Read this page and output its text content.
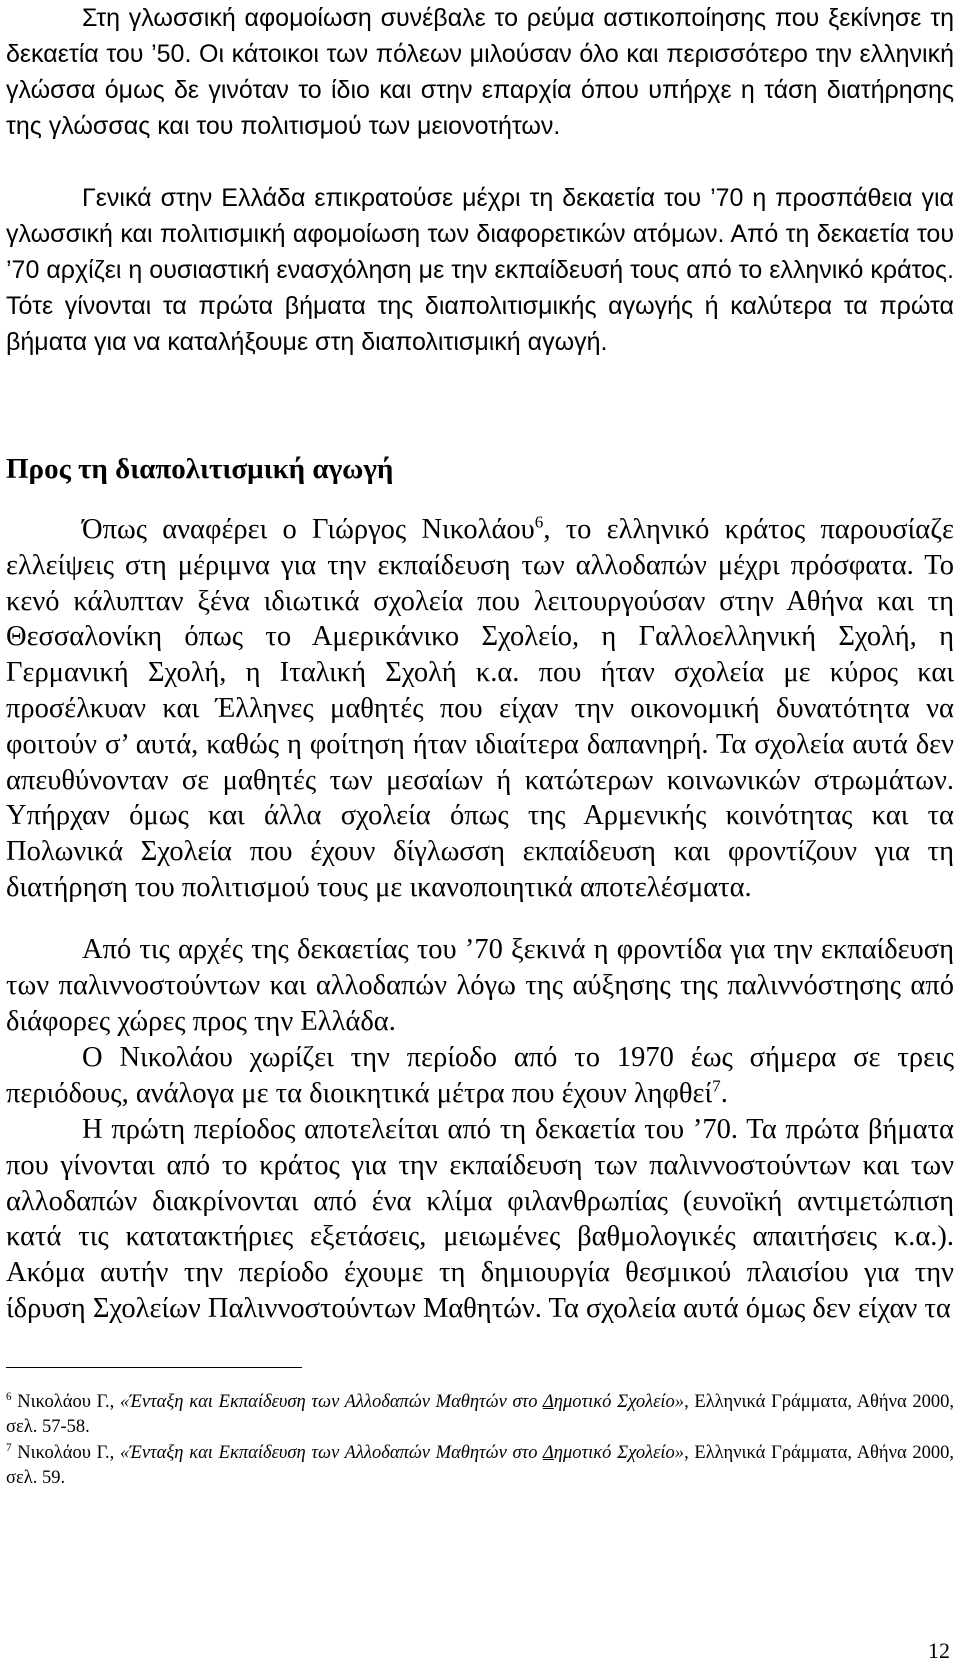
Στη γλωσσική αφομοίωση συνέβαλε το ρεύμα αστικοποίησης που ξεκίνησε τη δεκαετία του ’50. Οι κάτοικοι των πόλεων μιλούσαν όλο και περισσότερο την ελληνική γλώσσα όμως δε γινόταν το ίδιο και στην επαρχία όπου υπήρχε η τάση διατήρησης της γλώσσας και του πολιτισμού των μειονοτήτων.

Γενικά στην Ελλάδα επικρατούσε μέχρι τη δεκαετία του ’70 η προσπάθεια για γλωσσική και πολιτισμική αφομοίωση των διαφορετικών ατόμων. Από τη δεκαετία του ’70 αρχίζει η ουσιαστική ενασχόληση με την εκπαίδευσή τους από το ελληνικό κράτος. Τότε γίνονται τα πρώτα βήματα της διαπολιτισμικής αγωγής ή καλύτερα τα πρώτα βήματα για να καταλήξουμε στη διαπολιτισμική αγωγή.

Προς τη διαπολιτισμική αγωγή

Όπως αναφέρει ο Γιώργος Νικολάου$^6$, το ελληνικό κράτος παρουσίαζε ελλείψεις στη μέριμνα για την εκπαίδευση των αλλοδαπών μέχρι πρόσφατα. Το κενό κάλυπταν ξένα ιδιωτικά σχολεία που λειτουργούσαν στην Αθήνα και τη Θεσσαλονίκη όπως το Αμερικάνικο Σχολείο, η Γαλλοελληνική Σχολή, η Γερμανική Σχολή, η Ιταλική Σχολή κ.α. που ήταν σχολεία με κύρος και προσέλκυαν και Έλληνες μαθητές που είχαν την οικονομική δυνατότητα να φοιτούν σ’ αυτά, καθώς η φοίτηση ήταν ιδιαίτερα δαπανηρή. Τα σχολεία αυτά δεν απευθύνονταν σε μαθητές των μεσαίων ή κατώτερων κοινωνικών στρωμάτων. Υπήρχαν όμως και άλλα σχολεία όπως της Αρμενικής κοινότητας και τα Πολωνικά Σχολεία που έχουν δίγλωσση εκπαίδευση και φροντίζουν για τη διατήρηση του πολιτισμού τους με ικανοποιητικά αποτελέσματα.

Από τις αρχές της δεκαετίας του ’70 ξεκινά η φροντίδα για την εκπαίδευση των παλιννοστούντων και αλλοδαπών λόγω της αύξησης της παλιννόστησης από διάφορες χώρες προς την Ελλάδα.

Ο Νικολάου χωρίζει την περίοδο από το 1970 έως σήμερα σε τρεις περιόδους, ανάλογα με τα διοικητικά μέτρα που έχουν ληφθεί$^7$.

Η πρώτη περίοδος αποτελείται από τη δεκαετία του ’70. Τα πρώτα βήματα που γίνονται από το κράτος για την εκπαίδευση των παλιννοστούντων και των αλλοδαπών διακρίνονται από ένα κλίμα φιλανθρωπίας (ευνοϊκή αντιμετώπιση κατά τις κατατακτήριες εξετάσεις, μειωμένες βαθμολογικές απαιτήσεις κ.α.). Ακόμα αυτήν την περίοδο έχουμε τη δημιουργία θεσμικού πλαισίου για την ίδρυση Σχολείων Παλιννοστούντων Μαθητών. Τα σχολεία αυτά όμως δεν είχαν τα

$^6$ Νικολάου Γ., «Ένταξη και Εκπαίδευση των Αλλοδαπών Μαθητών στο Δημοτικό Σχολείο», Ελληνικά Γράμματα, Αθήνα 2000, σελ. 57-58.

$^7$ Νικολάου Γ., «Ένταξη και Εκπαίδευση των Αλλοδαπών Μαθητών στο Δημοτικό Σχολείο», Ελληνικά Γράμματα, Αθήνα 2000, σελ. 59.

12
